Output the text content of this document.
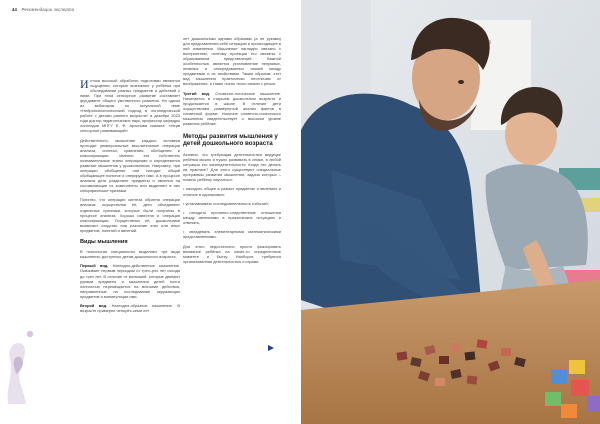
44 Рекомендации эксперта

Истоки высокой обработки подготовки являются ощущения, которые возникают у ребёнка при обследовании разных предметов и действий с ними. При этом сенсорное развитие составляет фундамент общего умственного развития. На одном из вебинаров по актуальной теме «Нейропсихологический подход в логопедической работе с детьми раннего возраста» в декабре 2023 года доктор педагогических наук, профессор кафедры логопедии МПГУ Е. Ф. Архипова сказала: «Нерв сенсорное развивающий»

Действительно, мышление каждого человека проходит универсальные мыслительные операции анализа, синтеза, сравнения, обобщения и классификации. Именно эти собственно познавательные этапы операциями и определяются развитие мышления у дошкольников. Например, при операции обобщение они находят общий обобщающее понятие и оперируют ими. А в процессе анализа дети разделяют предметы и явления на составляющие их компоненты или выделяют в них специфические признаки.

Понятно, что операции синтеза обратна операции анализа: осуществляя её, дети объединяют отдельные признаки, которые были получены в процессе анализа. Хорошо известна и операция классификации. Осуществляя её, дошкольники выявляют сходство или различие этих или иных предметов, понятий и явлений.

Виды мышления

В психологии специалисты выделяют три вида мышления, доступных детям дошкольного возраста.

Первый вид. Наглядно-действенное мышление. Оказывает первым периодом от трёх–рех лет исходя до трех лет. В отличие от малышей, которые двигают руками предметы и мышления детей почти полностью перемещается на внешние действия, направленные на исследование окружающих предметов и манипуляции ими.

Второй вид. Наглядно-образное мышление. В возрасте примерно четырёх-семи лет

лет дошкольники одними образами (а не руками) для представления себе ситуацию и происходящее в ней изменения. Мышление наглядно связано с восприятием, поэтому проекции его связаны с образованием представлений. Важной особенностью является установление непрямых, неявных и опосредованных связей между предметами и их свойствами. Таким образом, этот вид мышления практически неотличим от воображения, а также очень тесно связан с речью.

Третий вид. Словесно-логическое мышление. Начинается в старшем дошкольном возрасте и продолжается в школе. В отличие дети осуществляют развёрнутый анализ фактов в словесной форме. Наличие словесно-логического мышления свидетельствует о высоком уровне развития ребёнка.

Методы развития мышления у детей дошкольного возраста

Активно, что требующая деятельностью ведущее ребёнка можно и нужно развивать в семье, в любой ситуации его жизнедеятельности. Когда это делать на практике? Для этого существуют специальные программы развития мышления, задача которых – помочь ребёнку научиться:

• находить общее в разных предметах и явлениях и отличие в одинаковых;
• устанавливать последовательность событий;
• находить причинно-следственные отношения между явлениями в практических ситуациях и отвечать;
• овладевать элементарными математическими представлениями.

Для этого недостаточно просто фиксировать внимание ребёнка на какие-то определенные моменте и бытку. Наоборот, требуются организованная деятельностью и играми
